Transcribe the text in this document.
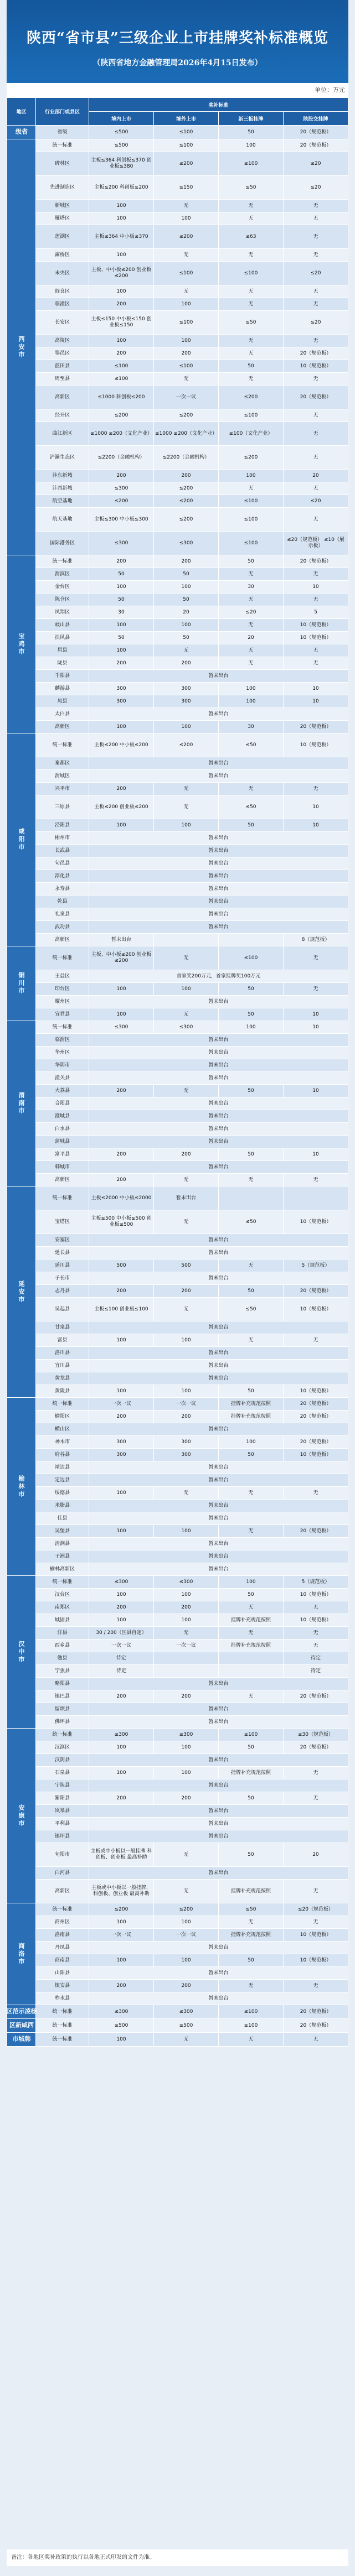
陕西“省市县”三级企业上市挂牌奖补标准概览
（陕西省地方金融管理局2026年4月15日发布）
单位：万元
地区	行业部门或县区	奖补标准			
		境内上市	境外上市	新三板挂牌	陕股交挂牌
省级	省级	≤500	≤100	50	20（规范板）
西安市	统一标准	≤500	≤100	100	20（规范板）
	碑林区	主板≤364 科创板≤370 创业板≤380	≤200	≤100	≤20
	先进制造区	主板≤200 科创板≤200	≤150	≤50	≤20
	新城区	100	无	无	无
	雁塔区	100	100	无	无
	莲湖区	主板≤364 中小板≤370	≤200	≤63	无
	灞桥区	100	无	无	无
	未央区	主板、中小板≤200 创业板≤200	≤100	≤100	≤20
	阎良区	100	无	无	无
	临潼区	200	100	无	无
	长安区	主板≤150 中小板≤150 创业板≤150	≤100	≤50	≤20
	高陵区	100	100	无	无
	鄠邑区	200	200	无	20（规范板）
	蓝田县	≤100	≤100	50	10（规范板）
	周至县	≤100	无	无	无
	高新区	≤1000 科创板≤200	一次一议	≤200	20（规范板）
	经开区	≤200	≤200	≤100	无
	曲江新区	≤1000 ≤200（文化产业）	≤1000 ≤200（文化产业）	≤100（文化产业）	无
	浐灞生态区	≤2200（金融机构）	≤2200（金融机构）	≤200	无
	沣东新城	200	200	100	20
	沣西新城	≤300	≤200	无	无
	航空基地	≤200	≤200	≤100	≤20
	航天基地	主板≤300 中小板≤300	≤200	≤100	无
	国际港务区	≤300	≤300	≤100	≤20（规范板） ≤10（展示板）
宝鸡市	统一标准	200	200	50	20（规范板）
	渭滨区	50	50	无	无
	金台区	100	100	30	10
	陈仓区	50	50	无	无
	凤翔区	30	20	≤20	5
	岐山县	100	100	无	10（规范板）
	扶风县	50	50	20	10（规范板）
	眉县	100	无	无	无
	陇县	200	200	无	无
	千阳县	暂未出台			
	麟游县	300	300	100	10
	凤县	300	300	100	10
	太白县	暂未出台			
	高新区	100	100	30	20（规范板）
咸阳市	统一标准	主板≤200 中小板≤200	≤200	≤50	10（规范板）
	秦都区	暂未出台			
	渭城区	暂未出台			
	兴平市	200	无	无	无
	三原县	主板≤200 创业板≤200	无	≤50	10
	泾阳县	100	100	50	10
	彬州市	暂未出台			
	长武县	暂未出台			
	旬邑县	暂未出台			
	淳化县	暂未出台			
	永寿县	暂未出台			
	乾县	暂未出台			
	礼泉县	暂未出台			
	武功县	暂未出台			
	高新区	暂未出台			8（规范板）
铜川市	统一标准	主板、中小板≤200 创业板≤200	无	≤100	无
	王益区	首家奖200万元，首家挂牌奖100万元			
	印台区	100	100	50	无
	耀州区	暂未出台			
	宜君县	100	无	50	10
渭南市	统一标准	≤300	≤300	100	10
	临渭区	暂未出台			
	华州区	暂未出台			
	华阴市	暂未出台			
	潼关县	暂未出台			
	大荔县	200	无	50	10
	合阳县	暂未出台			
	澄城县	暂未出台			
	白水县	暂未出台			
	蒲城县	暂未出台			
	富平县	200	200	50	10
	韩城市	暂未出台			
	高新区	200	无	无	无
延安市	统一标准	主板≤2000 中小板≤2000	暂未出台		
	宝塔区	主板≤500 中小板≤500 创业板≤500	无	≤50	10（规范板）
	安塞区	暂未出台			
	延长县	暂未出台			
	延川县	500	500	无	5（规范板）
	子长市	暂未出台			
	志丹县	200	200	50	20（规范板）
	吴起县	主板≤100 创业板≤100	无	≤50	10（规范板）
	甘泉县	暂未出台			
	富县	100	100	无	无
	洛川县	暂未出台			
	宜川县	暂未出台			
	黄龙县	暂未出台			
	黄陵县	100	100	50	10（规范板）
榆林市	统一标准	一次一议	一次一议	挂牌补充规范按照	20（规范板）
	榆阳区	200	200	挂牌补充规范按照	20（规范板）
	横山区	暂未出台			
	神木市	300	300	100	20（规范板）
	府谷县	300	300	50	10（规范板）
	靖边县	暂未出台			
	定边县	暂未出台			
	绥德县	100	无	无	无
	米脂县	暂未出台			
	佳县	暂未出台			
	吴堡县	100	100	无	20（规范板）
	清涧县	暂未出台			
	子洲县	暂未出台			
	榆林高新区	暂未出台			
汉中市	统一标准	≤300	≤300	100	5（规范板）
	汉台区	100	100	50	10（规范板）
	南郑区	200	200	无	无
	城固县	100	100	挂牌补充规范按照	10（规范板）
	洋县	30 / 200（区县自定）	无	无	无
	西乡县	一次一议	一次一议	挂牌补充规范按照	无
	勉县	待定			待定
	宁强县	待定			待定
	略阳县	暂未出台			
	镇巴县	200	200	无	20（规范板）
	留坝县	暂未出台			
	佛坪县	暂未出台			
安康市	统一标准	≤300	≤300	≤100	≤30（规范板）
	汉滨区	100	100	50	20（规范板）
	汉阴县	暂未出台			
	石泉县	100	100	挂牌补充规范按照	无
	宁陕县	暂未出台			
	紫阳县	200	200	50	无
	岚皋县	暂未出台			
	平利县	暂未出台			
	镇坪县	暂未出台			
	旬阳市	主板或中小板以一般挂牌 科创板、创业板 最高补助	无	50	20
	白河县	暂未出台			
	高新区	主板或中小板以一般挂牌，科创板、创业板 最高补助	无	挂牌补充规范按照	无
商洛市	统一标准	≤200	≤200	≤50	≤20（规范板）
	商州区	100	100	无	无
	洛南县	一次一议	一次一议	挂牌补充规范按照	10（规范板）
	丹凤县	暂未出台			
	商南县	100	100	50	10（规范板）
	山阳县	暂未出台			
	镇安县	200	200	无	无
	柞水县	暂未出台			
杨凌示范区	统一标准	≤300	≤300	≤100	20（规范板）
西咸新区	统一标准	≤500	≤500	≤100	20（规范板）
韩城市	统一标准	100	无	无	无
备注：各地区奖补政策的执行以各地正式印发的文件为准。
